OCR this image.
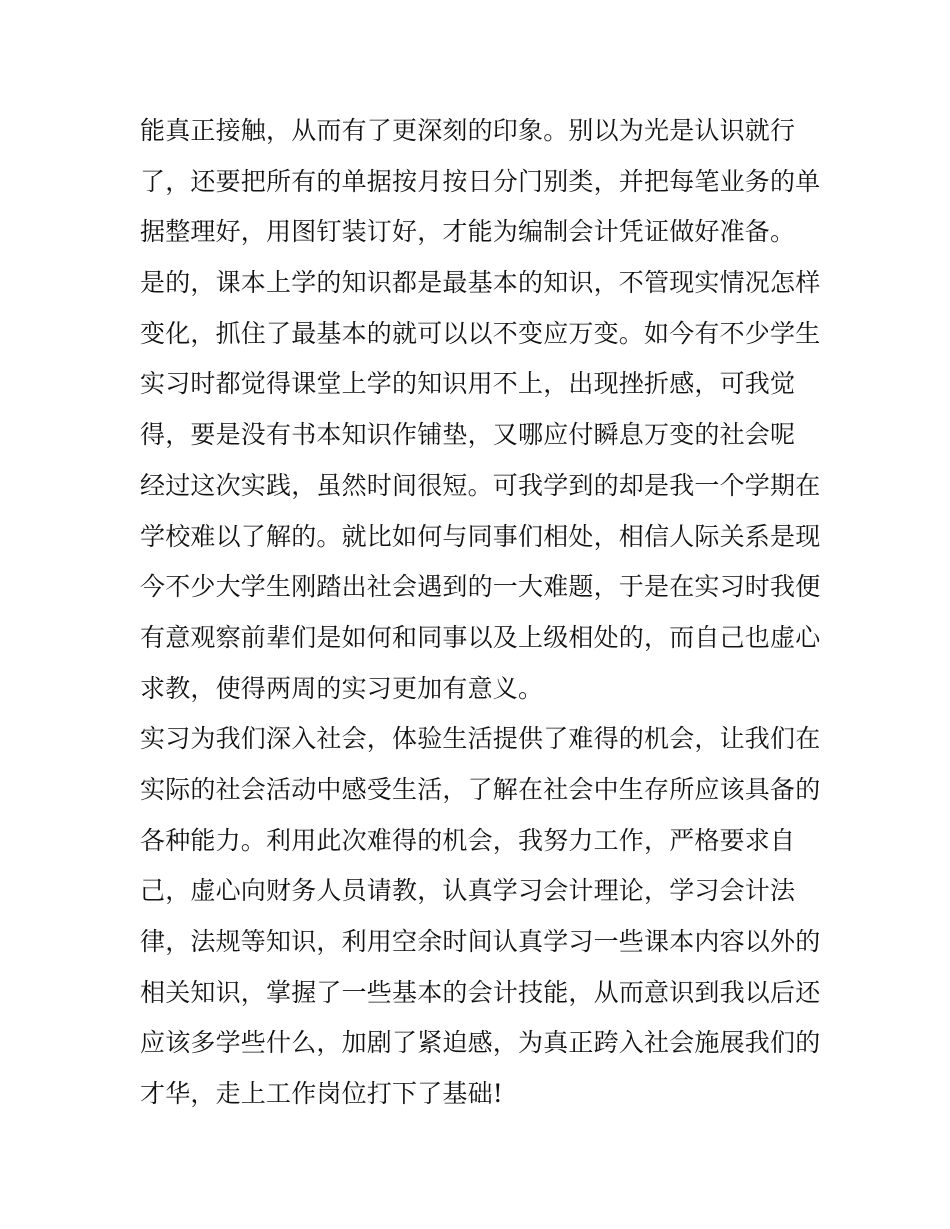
能真正接触，从而有了更深刻的印象。别以为光是认识就行
了，还要把所有的单据按月按日分门别类，并把每笔业务的单
据整理好，用图钉装订好，才能为编制会计凭证做好准备。
是的，课本上学的知识都是最基本的知识，不管现实情况怎样
变化，抓住了最基本的就可以以不变应万变。如今有不少学生
实习时都觉得课堂上学的知识用不上，出现挫折感，可我觉
得，要是没有书本知识作铺垫，又哪应付瞬息万变的社会呢
经过这次实践，虽然时间很短。可我学到的却是我一个学期在
学校难以了解的。就比如何与同事们相处，相信人际关系是现
今不少大学生刚踏出社会遇到的一大难题，于是在实习时我便
有意观察前辈们是如何和同事以及上级相处的，而自己也虚心
求教，使得两周的实习更加有意义。
实习为我们深入社会，体验生活提供了难得的机会，让我们在
实际的社会活动中感受生活，了解在社会中生存所应该具备的
各种能力。利用此次难得的机会，我努力工作，严格要求自
己，虚心向财务人员请教，认真学习会计理论，学习会计法
律，法规等知识，利用空余时间认真学习一些课本内容以外的
相关知识，掌握了一些基本的会计技能，从而意识到我以后还
应该多学些什么，加剧了紧迫感，为真正跨入社会施展我们的
才华，走上工作岗位打下了基础!
